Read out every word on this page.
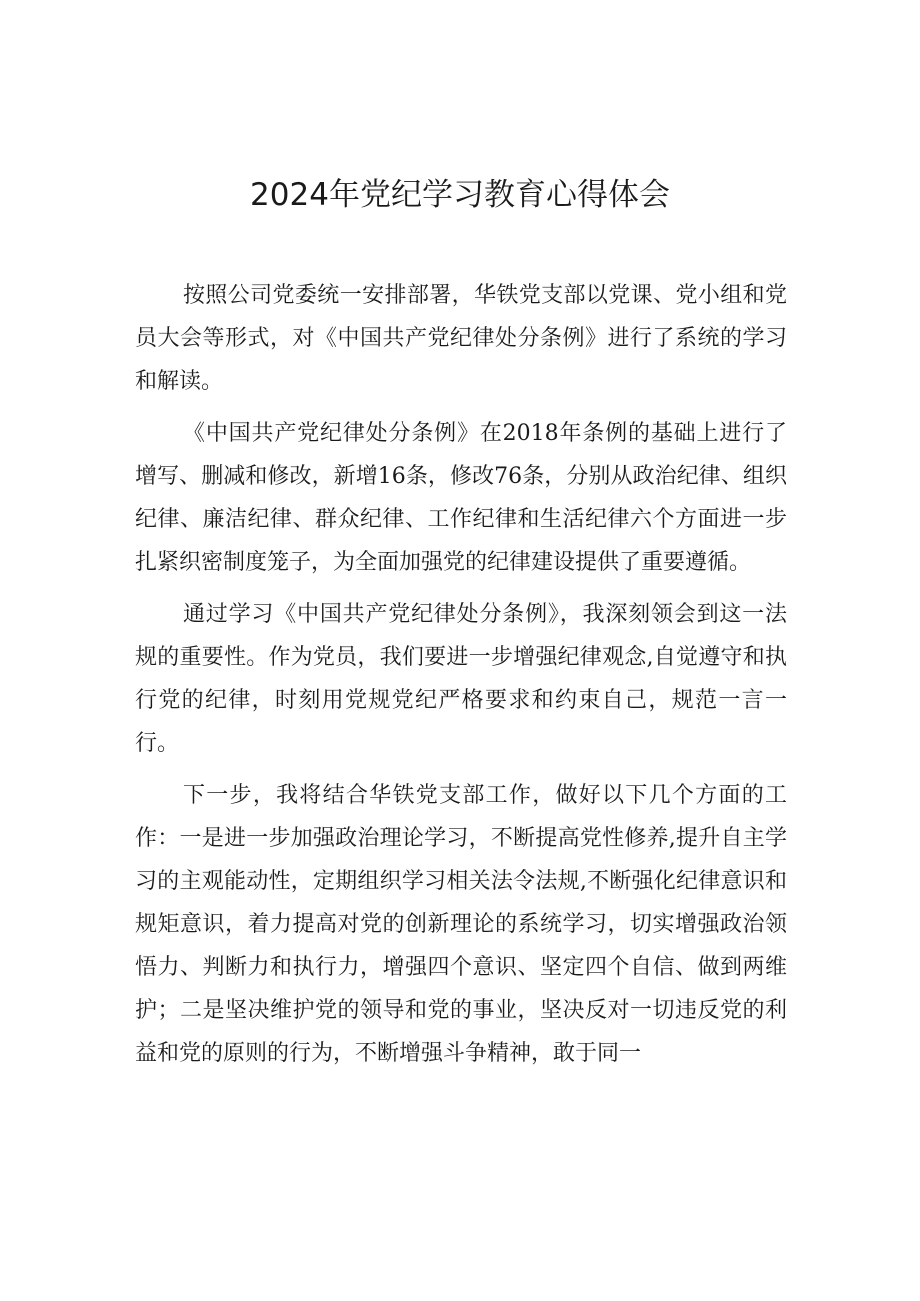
2024年党纪学习教育心得体会

按照公司党委统一安排部署，华铁党支部以党课、党小组和党员大会等形式，对《中国共产党纪律处分条例》进行了系统的学习和解读。

《中国共产党纪律处分条例》在2018年条例的基础上进行了增写、删减和修改，新增16条，修改76条，分别从政治纪律、组织纪律、廉洁纪律、群众纪律、工作纪律和生活纪律六个方面进一步扎紧织密制度笼子，为全面加强党的纪律建设提供了重要遵循。

通过学习《中国共产党纪律处分条例》，我深刻领会到这一法规的重要性。作为党员，我们要进一步增强纪律观念,自觉遵守和执行党的纪律，时刻用党规党纪严格要求和约束自己，规范一言一行。

下一步，我将结合华铁党支部工作，做好以下几个方面的工作：一是进一步加强政治理论学习，不断提高党性修养,提升自主学习的主观能动性，定期组织学习相关法令法规,不断强化纪律意识和规矩意识，着力提高对党的创新理论的系统学习，切实增强政治领悟力、判断力和执行力，增强四个意识、坚定四个自信、做到两维护；二是坚决维护党的领导和党的事业，坚决反对一切违反党的利益和党的原则的行为，不断增强斗争精神，敢于同一
